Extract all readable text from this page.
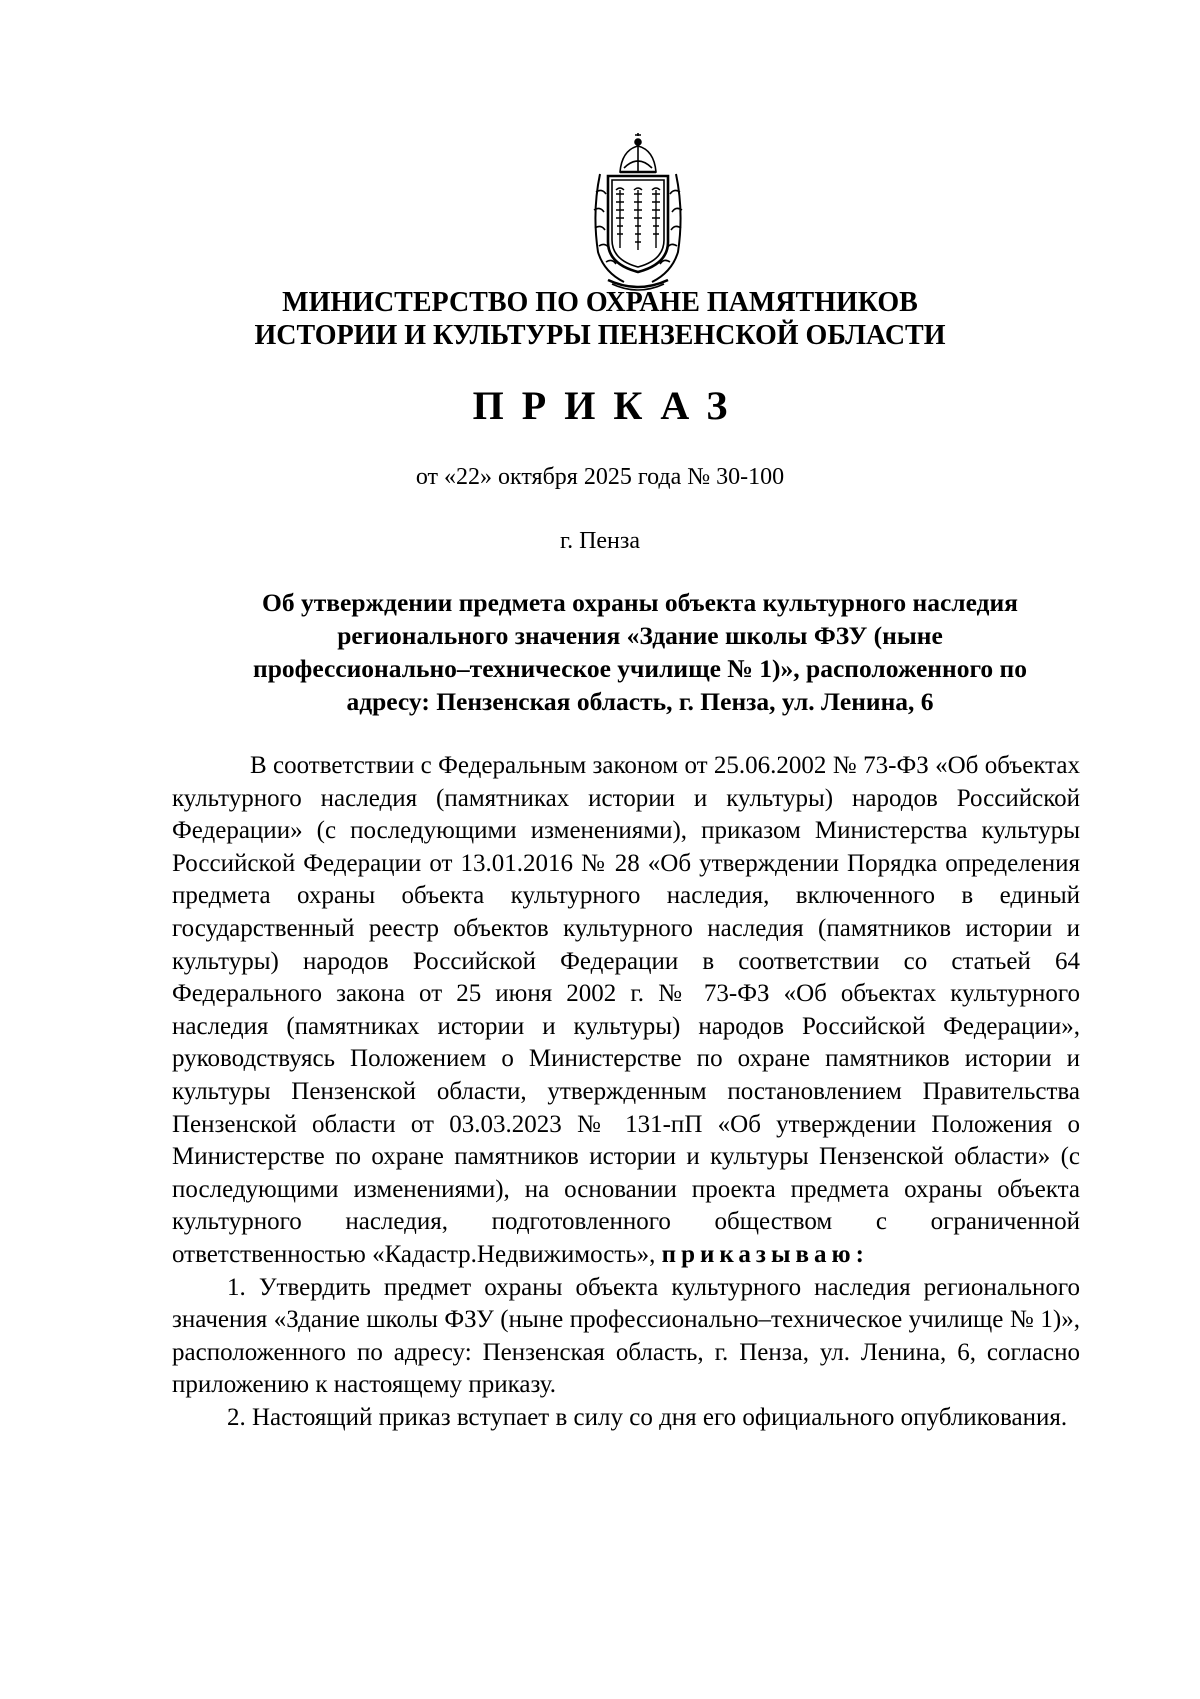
МИНИСТЕРСТВО ПО ОХРАНЕ ПАМЯТНИКОВ
ИСТОРИИ И КУЛЬТУРЫ ПЕНЗЕНСКОЙ ОБЛАСТИ
ПРИКАЗ
от «22» октября 2025 года № 30-100
г. Пенза
Об утверждении предмета охраны объекта культурного наследия
регионального значения «Здание школы ФЗУ (ныне
профессионально–техническое училище № 1)», расположенного по
адресу: Пензенская область, г. Пенза, ул. Ленина, 6

В соответствии с Федеральным законом от 25.06.2002 № 73-ФЗ «Об объектах культурного наследия (памятниках истории и культуры) народов Российской Федерации» (с последующими изменениями), приказом Министерства культуры Российской Федерации от 13.01.2016 № 28 «Об утверждении Порядка определения предмета охраны объекта культурного наследия, включенного в единый государственный реестр объектов культурного наследия (памятников истории и культуры) народов Российской Федерации в соответствии со статьей 64 Федерального закона от 25 июня 2002 г. № 73-ФЗ «Об объектах культурного наследия (памятниках истории и культуры) народов Российской Федерации», руководствуясь Положением о Министерстве по охране памятников истории и культуры Пензенской области, утвержденным постановлением Правительства Пензенской области от 03.03.2023 № 131-пП «Об утверждении Положения о Министерстве по охране памятников истории и культуры Пензенской области» (с последующими изменениями), на основании проекта предмета охраны объекта культурного наследия, подготовленного обществом с ограниченной ответственностью «Кадастр.Недвижимость», приказываю:

1. Утвердить предмет охраны объекта культурного наследия регионального значения «Здание школы ФЗУ (ныне профессионально–техническое училище № 1)», расположенного по адресу: Пензенская область, г. Пенза, ул. Ленина, 6, согласно приложению к настоящему приказу.

2. Настоящий приказ вступает в силу со дня его официального опубликования.
